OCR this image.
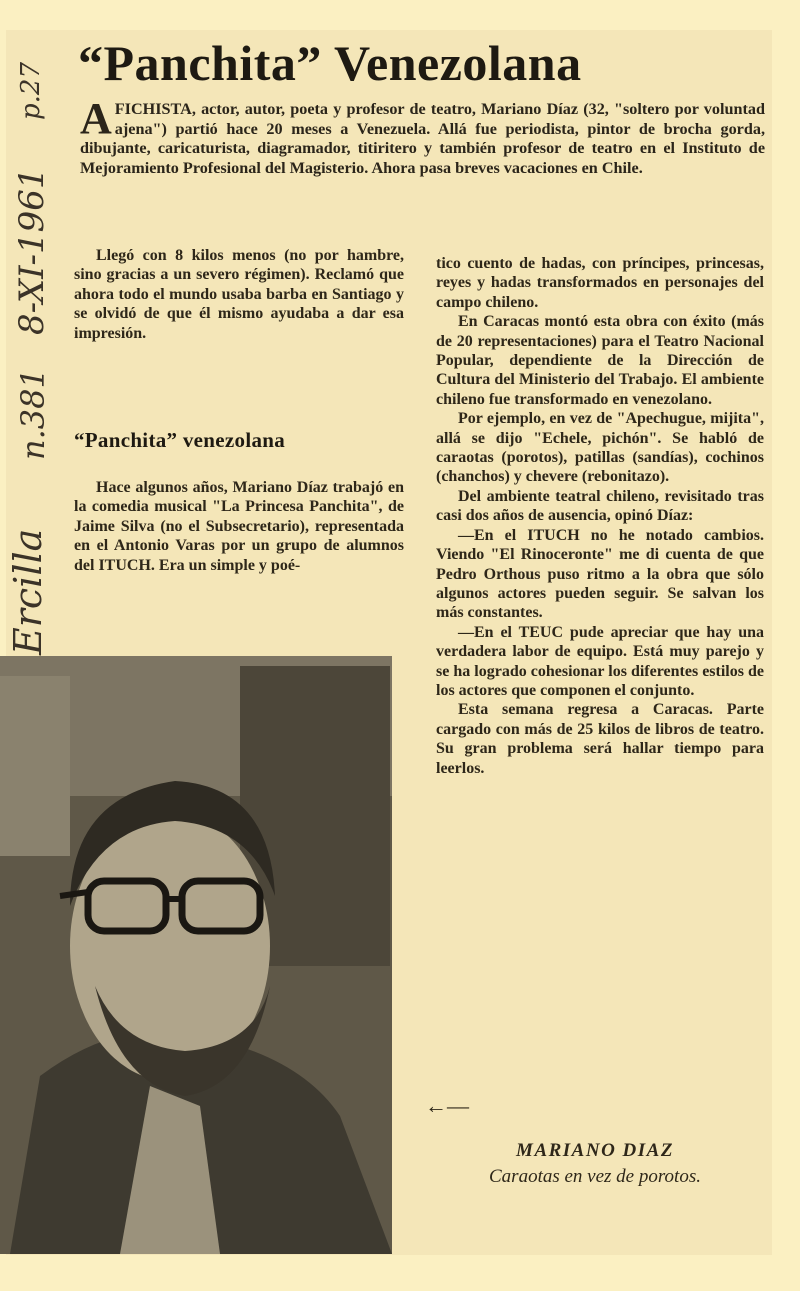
Ercilla
n.381
8-XI-1961
p.27 “Panchita” Venezolana
AFICHISTA, actor, autor, poeta y profesor de teatro, Mariano Díaz (32, "soltero por voluntad ajena") partió hace 20 meses a Venezuela. Allá fue periodista, pintor de brocha gorda, dibujante, caricaturista, diagramador, titiritero y también profesor de teatro en el Instituto de Mejoramiento Profesional del Magisterio. Ahora pasa breves vacaciones en Chile.

Llegó con 8 kilos menos (no por hambre, sino gracias a un severo régimen). Reclamó que ahora todo el mundo usaba barba en Santiago y se olvidó de que él mismo ayudaba a dar esa impresión.

“Panchita” venezolana

Hace algunos años, Mariano Díaz trabajó en la comedia musical "La Princesa Panchita", de Jaime Silva (no el Subsecretario), representada en el Antonio Varas por un grupo de alumnos del ITUCH. Era un simple y poé-

tico cuento de hadas, con príncipes, princesas, reyes y hadas transformados en personajes del campo chileno.

En Caracas montó esta obra con éxito (más de 20 representaciones) para el Teatro Nacional Popular, dependiente de la Dirección de Cultura del Ministerio del Trabajo. El ambiente chileno fue transformado en venezolano.

Por ejemplo, en vez de "Apechugue, mijita", allá se dijo "Echele, pichón". Se habló de caraotas (porotos), patillas (sandías), cochinos (chanchos) y chevere (rebonitazo).

Del ambiente teatral chileno, revisitado tras casi dos años de ausencia, opinó Díaz:

—En el ITUCH no he notado cambios. Viendo "El Rinoceronte" me di cuenta de que Pedro Orthous puso ritmo a la obra que sólo algunos actores pueden seguir. Se salvan los más constantes.

—En el TEUC pude apreciar que hay una verdadera labor de equipo. Está muy parejo y se ha logrado cohesionar los diferentes estilos de los actores que componen el conjunto.

Esta semana regresa a Caracas. Parte cargado con más de 25 kilos de libros de teatro. Su gran problema será hallar tiempo para leerlos.

←—
MARIANO DIAZ
Caraotas en vez de porotos.
